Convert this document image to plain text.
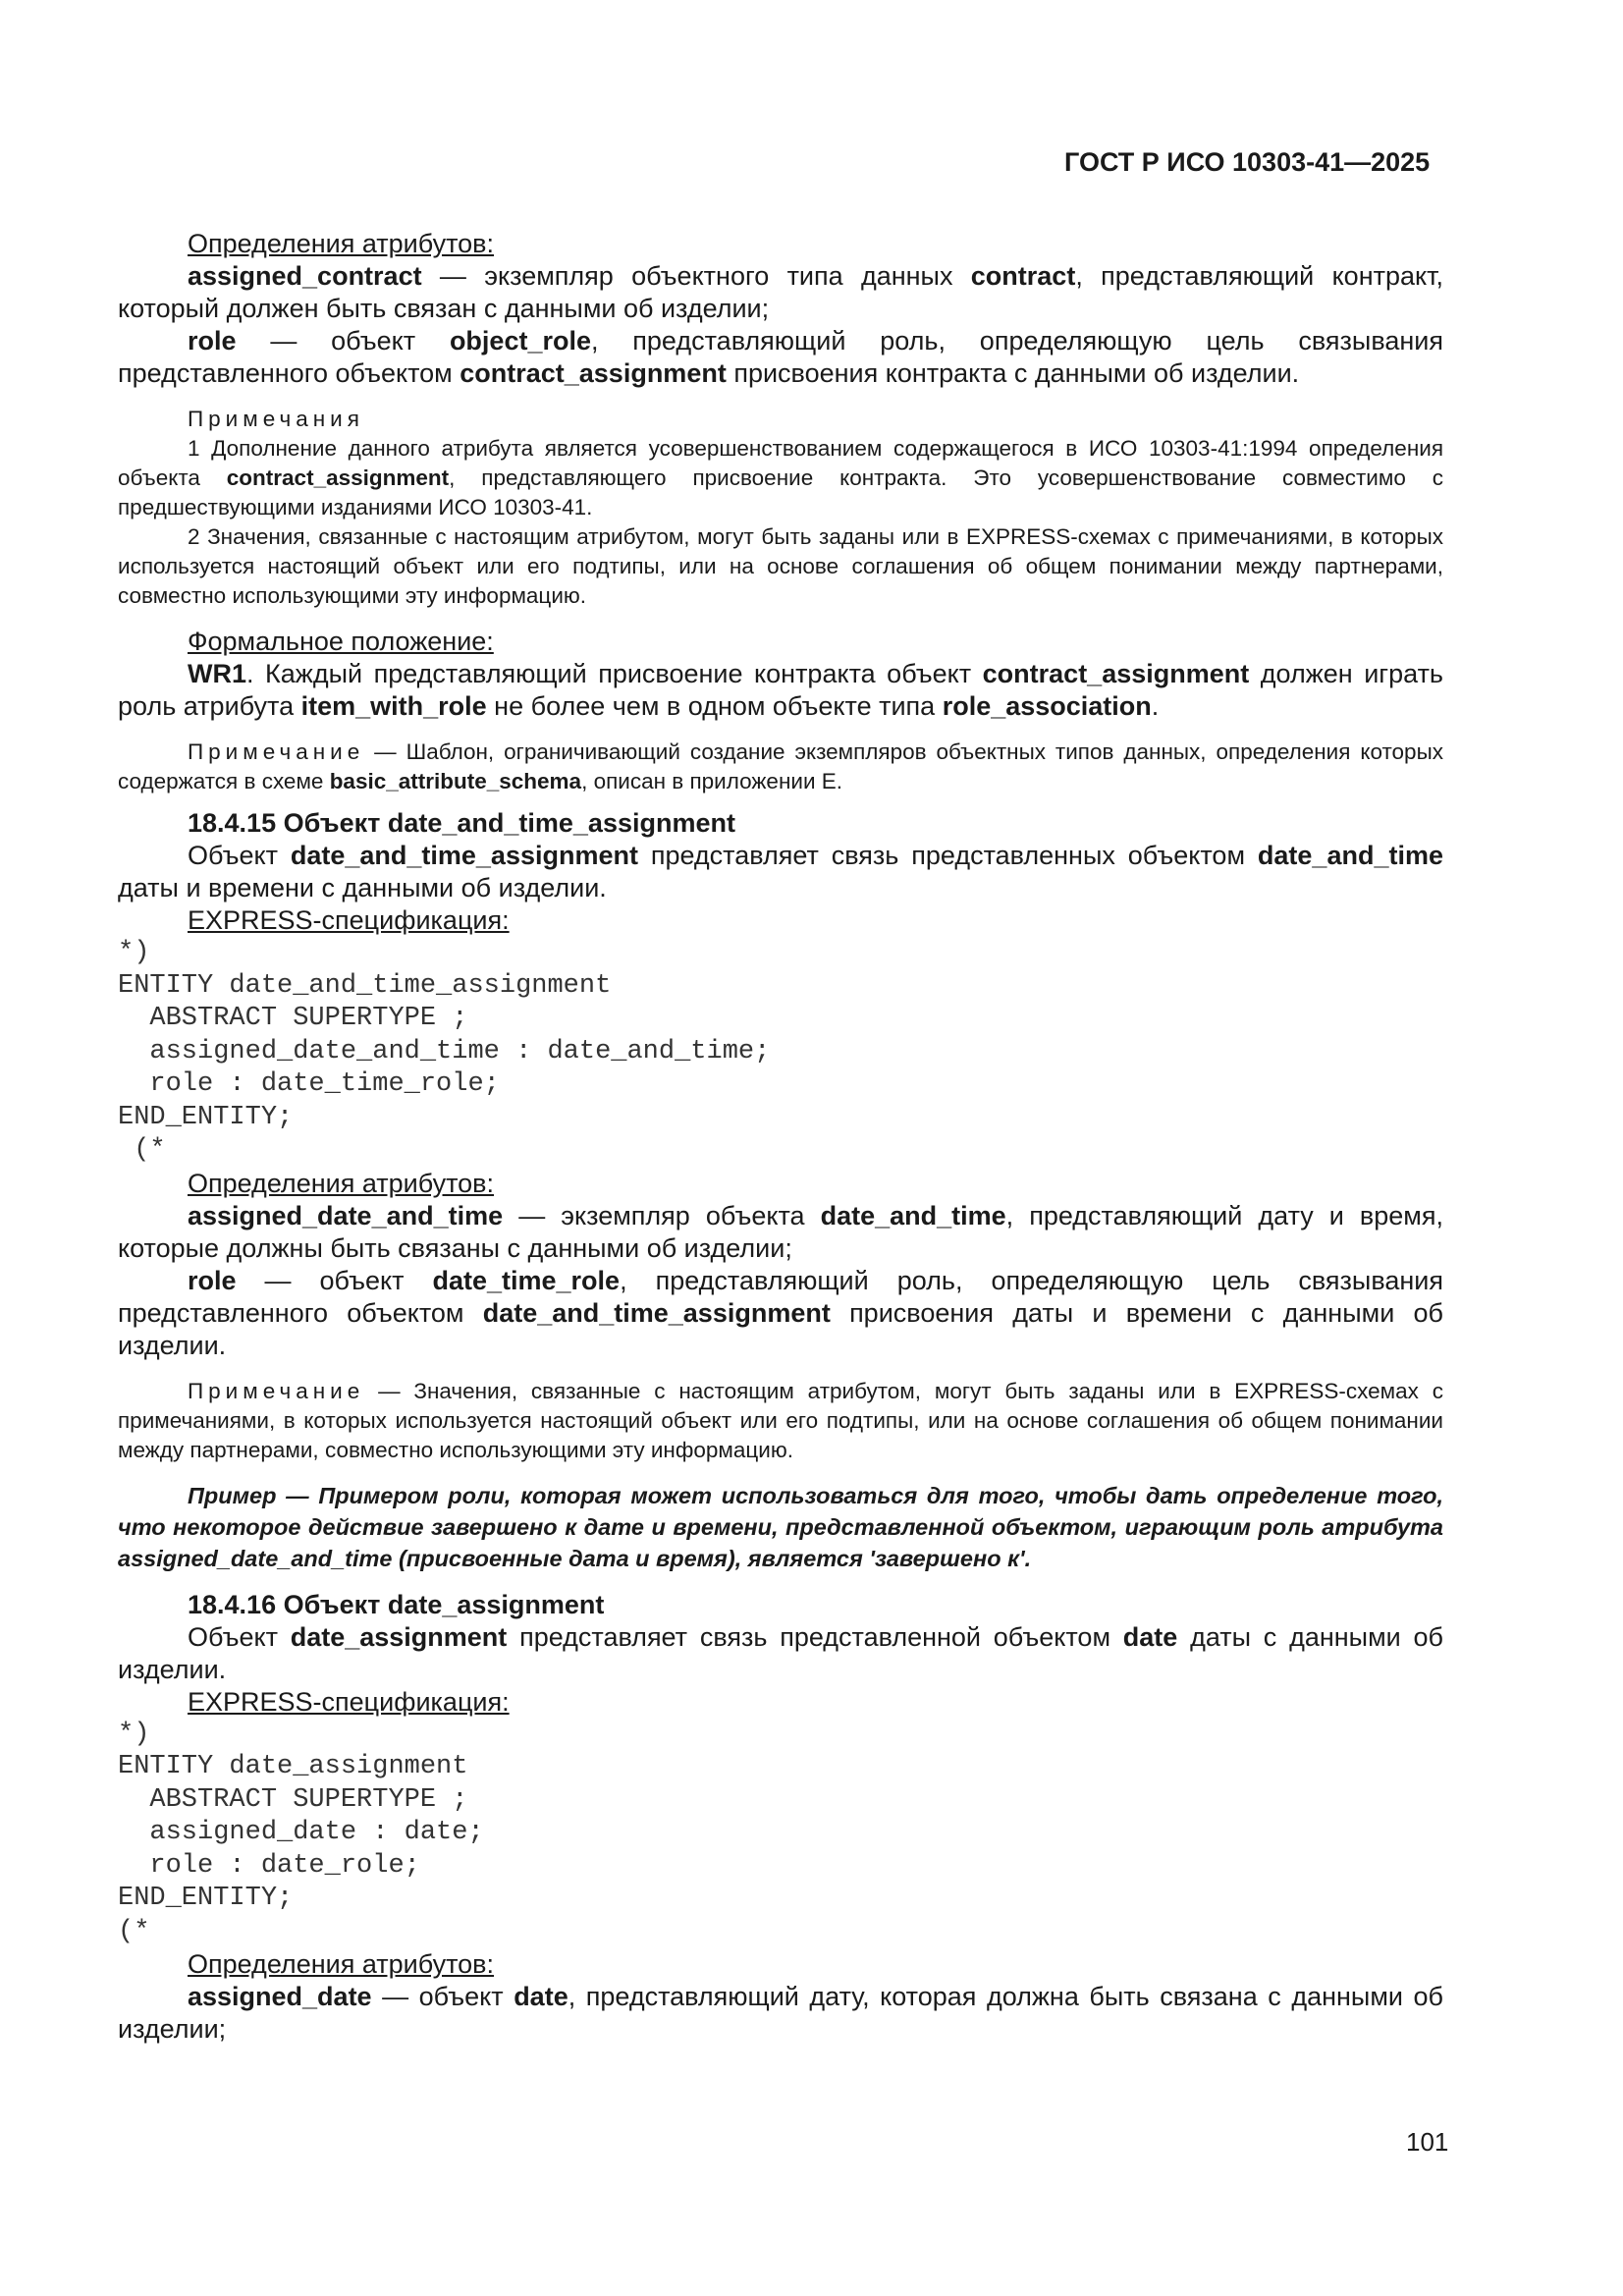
ГОСТ Р ИСО 10303-41—2025

Определения атрибутов:

assigned_contract — экземпляр объектного типа данных contract, представляющий контракт, который должен быть связан с данными об изделии;

role — объект object_role, представляющий роль, определяющую цель связывания представленного объектом contract_assignment присвоения контракта с данными об изделии.

Примечания

1 Дополнение данного атрибута является усовершенствованием содержащегося в ИСО 10303-41:1994 определения объекта contract_assignment, представляющего присвоение контракта. Это усовершенствование совместимо с предшествующими изданиями ИСО 10303-41.

2 Значения, связанные с настоящим атрибутом, могут быть заданы или в EXPRESS-схемах с примечаниями, в которых используется настоящий объект или его подтипы, или на основе соглашения об общем понимании между партнерами, совместно использующими эту информацию.

Формальное положение:

WR1. Каждый представляющий присвоение контракта объект contract_assignment должен играть роль атрибута item_with_role не более чем в одном объекте типа role_association.

Примечание — Шаблон, ограничивающий создание экземпляров объектных типов данных, определения которых содержатся в схеме basic_attribute_schema, описан в приложении E.

18.4.15 Объект date_and_time_assignment

Объект date_and_time_assignment представляет связь представленных объектом date_and_time даты и времени с данными об изделии.

EXPRESS-спецификация:

*)
ENTITY date_and_time_assignment
ABSTRACT SUPERTYPE ;
assigned_date_and_time : date_and_time;
role : date_time_role;
END_ENTITY;
(*

Определения атрибутов:

assigned_date_and_time — экземпляр объекта date_and_time, представляющий дату и время, которые должны быть связаны с данными об изделии;

role — объект date_time_role, представляющий роль, определяющую цель связывания представленного объектом date_and_time_assignment присвоения даты и времени с данными об изделии.

Примечание — Значения, связанные с настоящим атрибутом, могут быть заданы или в EXPRESS-схемах с примечаниями, в которых используется настоящий объект или его подтипы, или на основе соглашения об общем понимании между партнерами, совместно использующими эту информацию.

Пример — Примером роли, которая может использоваться для того, чтобы дать определение того, что некоторое действие завершено к дате и времени, представленной объектом, играющим роль атрибута assigned_date_and_time (присвоенные дата и время), является 'завершено к'.

18.4.16 Объект date_assignment

Объект date_assignment представляет связь представленной объектом date даты с данными об изделии.

EXPRESS-спецификация:

*)
ENTITY date_assignment
ABSTRACT SUPERTYPE ;
assigned_date : date;
role : date_role;
END_ENTITY;
(*

Определения атрибутов:

assigned_date — объект date, представляющий дату, которая должна быть связана с данными об изделии;

101
